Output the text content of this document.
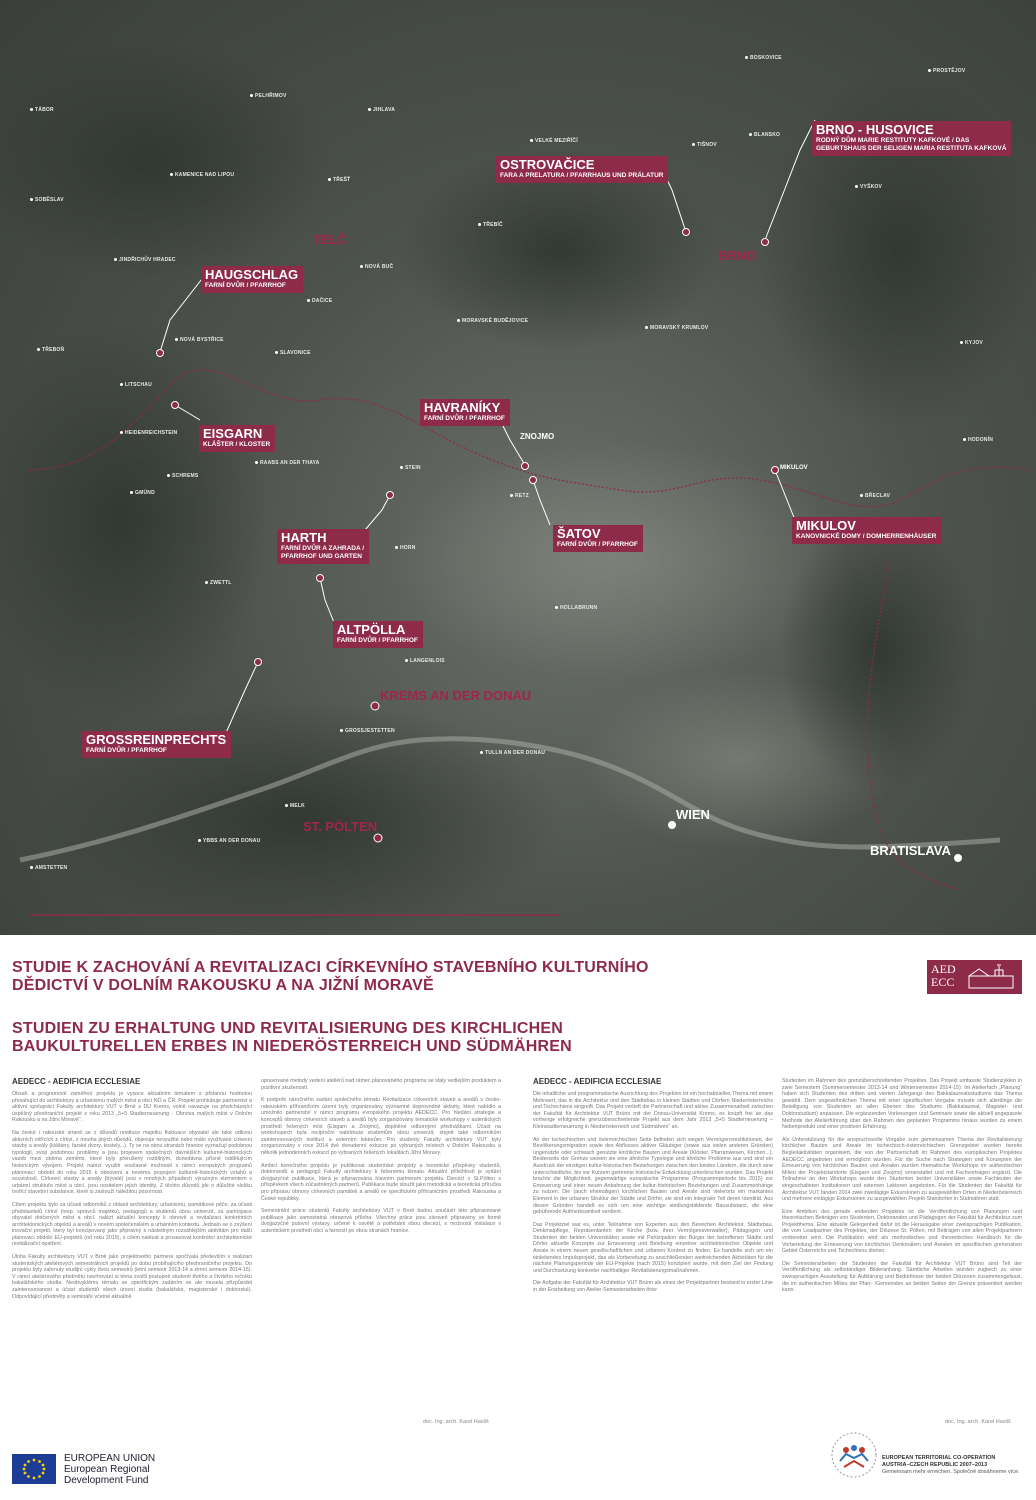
BOSKOVICE
PROSTĚJOV
PELHŘIMOV
TÁBOR	JIHLAVA
VELKÉ MEZIŘÍČÍ
TIŠNOV
BLANSKO
KAMENICE NAD LIPOU
TŘEŠŤ
SOBĚSLAV
TŘEBÍČ
VYŠKOV
JINDŘICHŮV HRADEC
MORAVSKÉ BUDĚJOVICE
MORAVSKÝ KRUMLOV
DAČICE
NOVÁ BYSTŘICE
SLAVONICE
TŘEBOŇ
KYJOV
LITSCHAU
HEIDENREICHSTEIN
RAABS AN DER THAYA
HODONÍN
GMÜND
SCHREMS
RETZ	BŘECLAV
HORN
ZWETTL
HOLLABRUNN
LANGENLOIS
TULLN AN DER DONAU
MELK
YBBS AN DER DONAU
AMSTETTEN
NOVÁ BUČ
STEIN
GROSSJESTETTEN
TELČ
BRNO
ZNOJMO
KREMS AN DER DONAU
ST. PÖLTEN
WIEN
BRATISLAVA
MIKULOV
BRNO - HUSOVICE
RODNÝ DŮM MARIE RESTITUTY KAFKOVÉ / DAS
GEBURTSHAUS DER SELIGEN MARIA RESTITUTA KAFKOVÁ
OSTROVAČICE
FARA A PRELATURA / PFARRHAUS UND PRÄLATUR
HAUGSCHLAG
FARNÍ DVŮR / PFARRHOF
EISGARN
KLÁŠTER / KLOSTER
HAVRANÍKY
FARNÍ DVŮR / PFARRHOF
ŠATOV
FARNÍ DVŮR / PFARRHOF
MIKULOV
KANOVNICKÉ DOMY / DOMHERRENHÄUSER
HARTH
FARNÍ DVŮR A ZAHRADA /
PFARRHOF UND GARTEN
ALTPÖLLA
FARNÍ DVŮR / PFARRHOF
GROSSREINPRECHTS
FARNÍ DVŮR / PFARRHOF
STUDIE K ZACHOVÁNÍ A REVITALIZACI CÍRKEVNÍHO STAVEBNÍHO KULTURNÍHO
DĚDICTVÍ V DOLNÍM RAKOUSKU A NA JIŽNÍ MORAVĚ
STUDIEN ZU ERHALTUNG UND REVITALISIERUNG DES KIRCHLICHEN
BAUKULTURELLEN ERBES IN NIEDERÖSTERREICH UND SÜDMÄHREN
AED
ECC
AEDECC - AEDIFICIA ECCLESIAE	AEDECC - AEDIFICIA ECCLESIAE

Obsah a programové zaměření projektu je vysoce aktuálním tématem s přidanou hodnotou přesahující do architektury a urbanismu malých měst a obcí NÖ a ČR. Projekt prohlubuje partnerství a aktivní spolupráci Fakulty architektury VUT v Brně s DU Krems, volně navazuje na předcházející úspěšný přeshraniční projekt z roku 2013 „5+5 Stadterneuerung - Obnova malých měst v Dolním Rakousku a na Jižní Moravě“.

Na české i rakouské straně se z důvodů restituce majetku fluktuace obyvatel ale také odkvou aktivních věřících z církví, z mnoha jiných důvodů, objevuje nevyužité nebo málo využívané církevní stavby a areály (kláštery, farské dvory, kostely...). Ty se na obou stranách hranice vyznačují podobnou typologií, svojí podobnou problémy a jsou projevem společných dávnějších kulturně-historických vazeb mezi oběma zeměmi, které byly přerušeny rozdílným, donedávna přísně oddělujícím historickým vývojem. Projekt nabízí využití současné možnosti s rámci evropských programů plánovací období do roku 2015 k obnovení a novému propojení kulturně-historických vztahů a souvislostí. Církevní stavby a areály (bývalé) jsou v mnohých případech výrazným elementem v urbánní struktuře měst a obcí, jsou nositelem jejich identity. Z těchto důvodů jde o důležité složku tvořící stavební substance, které si zaslouží náležitou pozornost.

Cílem projektu bylo za účasti odborníků z oblasti architektury, urbanismu, památkové péče, za účasti představitelů církví (resp. správců majetku), pedagogů a studentů obou univerzit, za participace obyvatel dotčených měst a obcí, nalézt aktuální koncepty k obnově a revitalizaci konkrétních architektonických objektů a areálů v novém společenském a urbánním kontextu. Jednalo se o zvýšení inovační projekt, který byl koncipovaný jako připravný k následným rozsáhlejším aktivitám pro další plánovací období EU-projektů (od roku 2015), s cílem nalézat a prosazovat konkrétní architektonické revitalizační opatření.

Úloha Fakulty architektury VUT v Brně jako projektového partnera spočívala především v realizaci studentských ateliérových semestrálních projektů po dobu probíhajícího přeshraničního projektu. Do projektu byly zahrnuty studijní cykly dvou semestrů (letní semestr 2013-14 a zimní semestr 2014-15). V rámci ateliérového předmětu navrhování si téma zvolili postupně studenti třetího a čtvrtého ročníku bakalářského studia. Neobvyklému tématu se specifickým zadáním se ale musela přizpůsobit zainteresovanost a účast studentů všech úrovní studia (bakalářské, magisterské i doktorské). Odpovídající předměty a semináře včetně aktuálně

upravované metody vedení ateliérů nad rámec plánovaného programu se staly vedlejším produktem a pozitivní zkušeností.

K podpoře náročného zadání společného tématu Revitalizace církevních staveb a areálů v česko-rakouském příhraničním území byly organizovány významné doprovodné aktivity, které nabídlo a umožnilo partnerství v rámci programu evropského projektu AEDECC. Pro hledání strategie a konceptů obnovy církevních staveb a areálů byly zorganizovány tematické workshopy v autentických prostředí řešených míst (Eisgarn a Znojmo), doplněné odbornými přednáškami. Účast na workshopech byla reciproční nabídnuta studentům obou univerzit, stejně také odborníkům zainteresovaných institucí a externím lektorům. Pro studenty Fakulty architektury VUT byly zorganizovány v roce 2014 dvě dvoudenní exkurze po vybraných místech v Dolním Rakousku a několik jednodenních exkurzí po vybraných řešených lokalitách Jižní Moravy.

Ambicí konečného projektu je publikovat studentské projekty a teoretické příspěvky studentů, doktorandů a pedagogů Fakulty architektury k řešenému tématu. Aktuální příležitostí je vydání dvojjazyčné publikace, která je připravována hlavním partnerem projektu Diecézí v St.Pölten s příspěvkem všech zúčastněných partnerů. Publikace bude sloužit jako metodická a teoretická příručka pro přípravu obnovy církevních památek a areálů ve specifickém příhraničním prostředí Rakouska a České republiky.

Semestrální práce studentů Fakulty architektury VUT v Brně budou součástí této připravované publikace jako samostatná obrazová příloha. Všechny práce jsou zároveň připraveny ve formě dvojjazyčné putovní výstavy, určené k osvětě a potřebám obou diecézí, s možností instalace v autentickém prostředí obcí a farností po obou stranách hranice.

Die inhaltliche und programmatische Ausrichtung des Projektes ist ein hochaktuelles Thema mit einem Mehrwert, das in die Architektur und den Städtebau in kleinen Städten und Dörfern Niederösterreichs und Tschechiens eingreift. Das Projekt vertieft die Partnerschaft und aktive Zusammenarbeit zwischen der Fakultät für Architektur VUT Brünn mit der Donau-Universität Krems, es knüpft frei an das vorherige erfolgreiche grenzüberschreitende Projekt aus dem Jahr 2013 „5+5 Stadterneuerung – Kleinstadterneuerung in Niederösterreich und Südmähren“ an.

An der tschechischen und österreichischen Seite befinden sich wegen Vermögensrestitutionen, der Bevölkerungsmigration sowie des Abflusses aktiver Gläubiger (sowie aus vielen anderen Gründen) ungenutzte oder schwach genutzte kirchliche Bauten und Areale (Klöster, Pfarranwesen, Kirchen...). Beiderseits der Grenze weisen sie eine ähnliche Typologie und ähnliche Probleme aus und sind ein Ausdruck der einstigen kultur-historischen Beziehungen zwischen den beiden Ländern, die durch eine unterschiedliche, bis vor Kurzem getrennte historische Entwicklung unterbrochen wurden. Das Projekt brachte die Möglichkeit, gegenwärtige europäische Programme (Programmperiode bis 2015) zur Erneuerung und einer neuen Anbahnung der kultur-historischen Beziehungen und Zusammenhänge zu nutzen. Die (auch ehemaligen) kirchlichen Bauten und Areale sind vielerorts ein markantes Element in der urbanen Struktur der Städte und Dörfer, sie sind ein integraler Teil deren Identität. Aus diesen Gründen handelt es sich um eine wichtige siedlungsbildende Bausubstanz, die eine gebührende Aufmerksamkeit verdient.

Das Projektziel war es, unter Teilnahme von Experten aus den Bereichen Architektur, Städtebau, Denkmalpflege, Repräsentanten der Kirche (bzw. ihrer Vermögensverwalter), Pädagogen und Studenten der beiden Universitäten sowie mit Partizipation der Bürger der betroffenen Städte und Dörfer aktuelle Konzepte zur Erneuerung und Belebung einzelner architektonischer Objekte und Areale in einem neuen gesellschaftlichen und urbanen Kontext zu finden. Es handelte sich um ein einleitendes Impulsprojekt, das als Vorbereitung zu anschließenden weitreichenden Aktivitäten für die nächste Planungsperiode der EU-Projekte (nach 2015) konzipiert wurde, mit dem Ziel der Findung und Durchsetzung konkreter nachhaltiger Revitalisierungsmaßnahmen.

Die Aufgabe der Fakultät für Architektur VUT Brünn als eines der Projektpartner bestand in erster Linie in der Erarbeitung von Atelier-Semesterarbeiten ihrer

Studenten im Rahmen des grenzüberschreitenden Projektes. Das Projekt umfasste Studienzyklen in zwei Semestern (Sommersemester 2013-14 und Wintersemester 2014-15). Im Atelierfach „Planung“ haben sich Studenten des dritten und vierten Jahrgangs des Bakkalaureatsstudiums das Thema gewählt. Dem ungewöhnlichen Thema mit einer spezifischen Vorgabe musste sich allerdings die Beteiligung von Studenten an allen Ebenen des Studiums (Bakkalaureat, Magister- und Doktorstudium) anpassen. Die ergänzenden Vorlesungen und Seminare sowie die aktuell angepasste Methode der Atelierführung über den Rahmen des geplanten Programms hinaus wurden zu einem Nebenprodukt und einer positiven Erfahrung.

Als Unterstützung für die anspruchsvolle Vorgabe zum gemeinsamen Thema der Revitalisierung kirchlicher Bauten und Areale im tschechisch-österreichischen Grenzgebiet wurden bereits Begleitaktivitäten organisiert, die von der Partnerschaft im Rahmen des europäischen Projektes AEDECC angeboten und ermöglicht wurden. Für die Suche nach Strategien und Konzepten der Erneuerung von kirchlichen Bauten und Arealen wurden thematische Workshops im authentischen Milieu der Projektstandorte (Eisgarn und Znojmo) veranstaltet und mit Fachvorträgen ergänzt. Die Teilnahme an den Workshops wurde den Studenten beider Universitäten sowie Fachleuten der eingeschalteten Institutionen und externen Lektoren angeboten. Für die Studenten der Fakultät für Architektur VUT fanden 2014 zwei zweitägige Exkursionen zu ausgewählten Orten in Niederösterreich und mehrere eintägige Exkursionen zu ausgewählten Projekt-Standorten in Südmähren statt.

Eine Ambition des gerade endenden Projektes ist die Veröffentlichung von Planungen und theoretischen Beiträgen von Studenten, Doktoranden und Pädagogen der Fakultät für Architektur zum Projektthema. Eine aktuelle Gelegenheit dafür ist die Herausgabe einer zweisprachigen Publikation, die vom Leadpartner des Projektes, der Diözese St. Pölten, mit Beiträgen von allen Projektpartnern vorbereitet wird. Die Publikation wird als methodisches und theoretisches Handbuch für die Vorbereitung der Erneuerung von kirchlichen Denkmälern und Arealen im spezifischen grenznahen Gebiet Österreichs und Tschechiens dienen.

Die Semesterarbeiten der Studenten der Fakultät für Architektur VUT Brünn sind Teil der Veröffentlichung als selbständiger Bilderanhang. Sämtliche Arbeiten wurden zugleich zu einer zweisprachigen Ausstellung für Aufklärung und Bedürfnisse der beiden Diözesen zusammengefasst, die im authentischen Milieu der Pfarr- /Gemeinden an beiden Seiten der Grenze präsentiert werden kann.

doc. Ing. arch. Karel Havliš	doc. Ing. arch. Karel Havliš
EUROPEAN UNION
European Regional
Development Fund
EUROPEAN TERRITORIAL CO-OPERATION
AUSTRIA–CZECH REPUBLIC 2007–2013
Gemeinsam mehr erreichen. Společně dosáhneme více.
